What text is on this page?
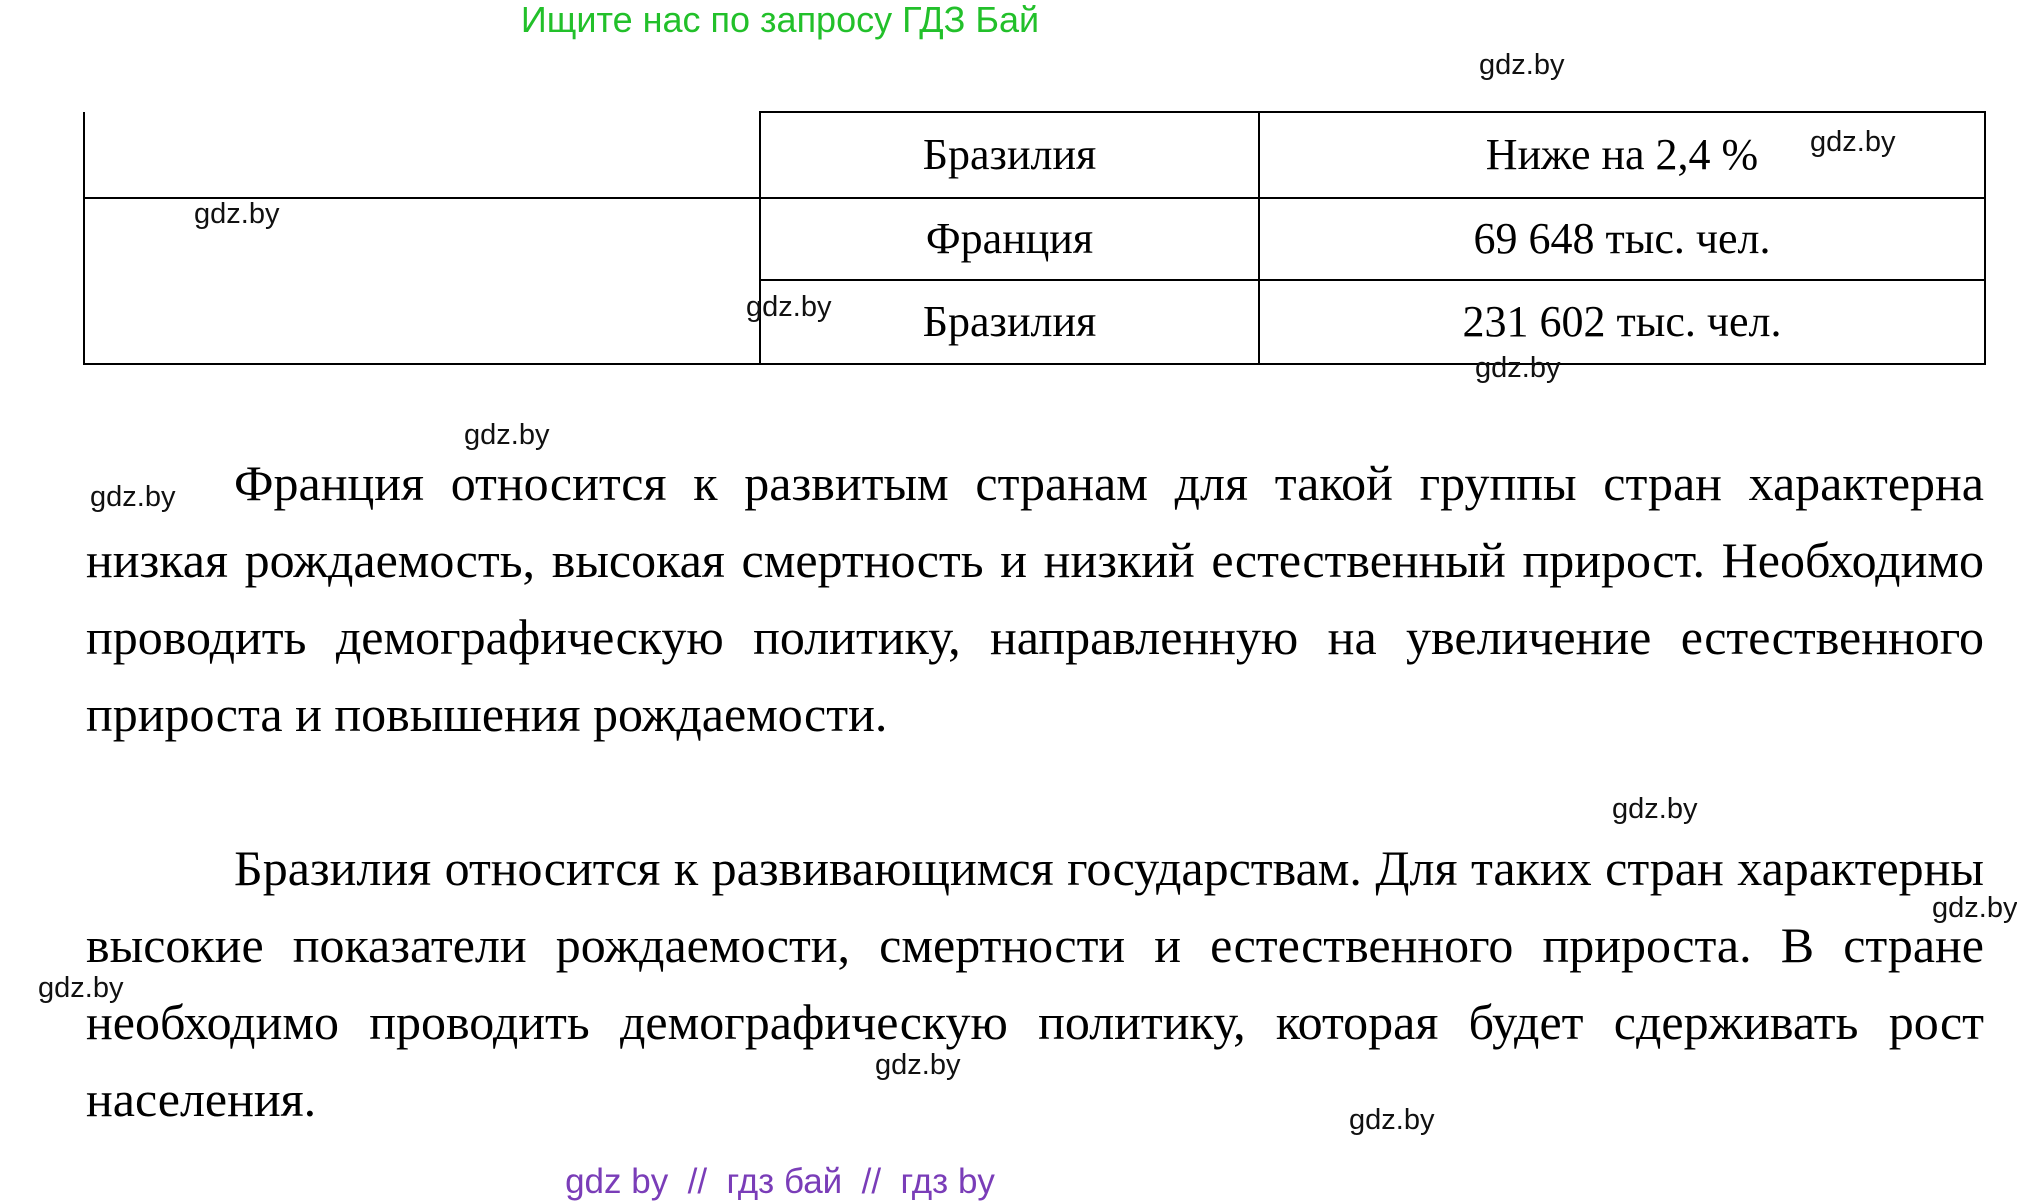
Ищите нас по запросу ГДЗ Бай
	Бразилия	Ниже на 2,4 %
	Франция	69 648 тыс. чел.
	Бразилия	231 602 тыс. чел.
Франция относится к развитым странам для такой группы стран характерна низкая рождаемость, высокая смертность и низкий естественный прирост. Необходимо проводить демографическую политику, направленную на увеличение естественного прироста и повышения рождаемости.
Бразилия относится к развивающимся государствам. Для таких стран характерны высокие показатели рождаемости, смертности и естественного прироста. В стране необходимо проводить демографическую политику, которая будет сдерживать рост населения.
gdz.by
gdz.by
gdz.by
gdz.by
gdz.by
gdz.by
gdz.by
gdz.by
gdz.by
gdz.by
gdz.by
gdz.by
gdz by  //  гдз бай  //  гдз by
